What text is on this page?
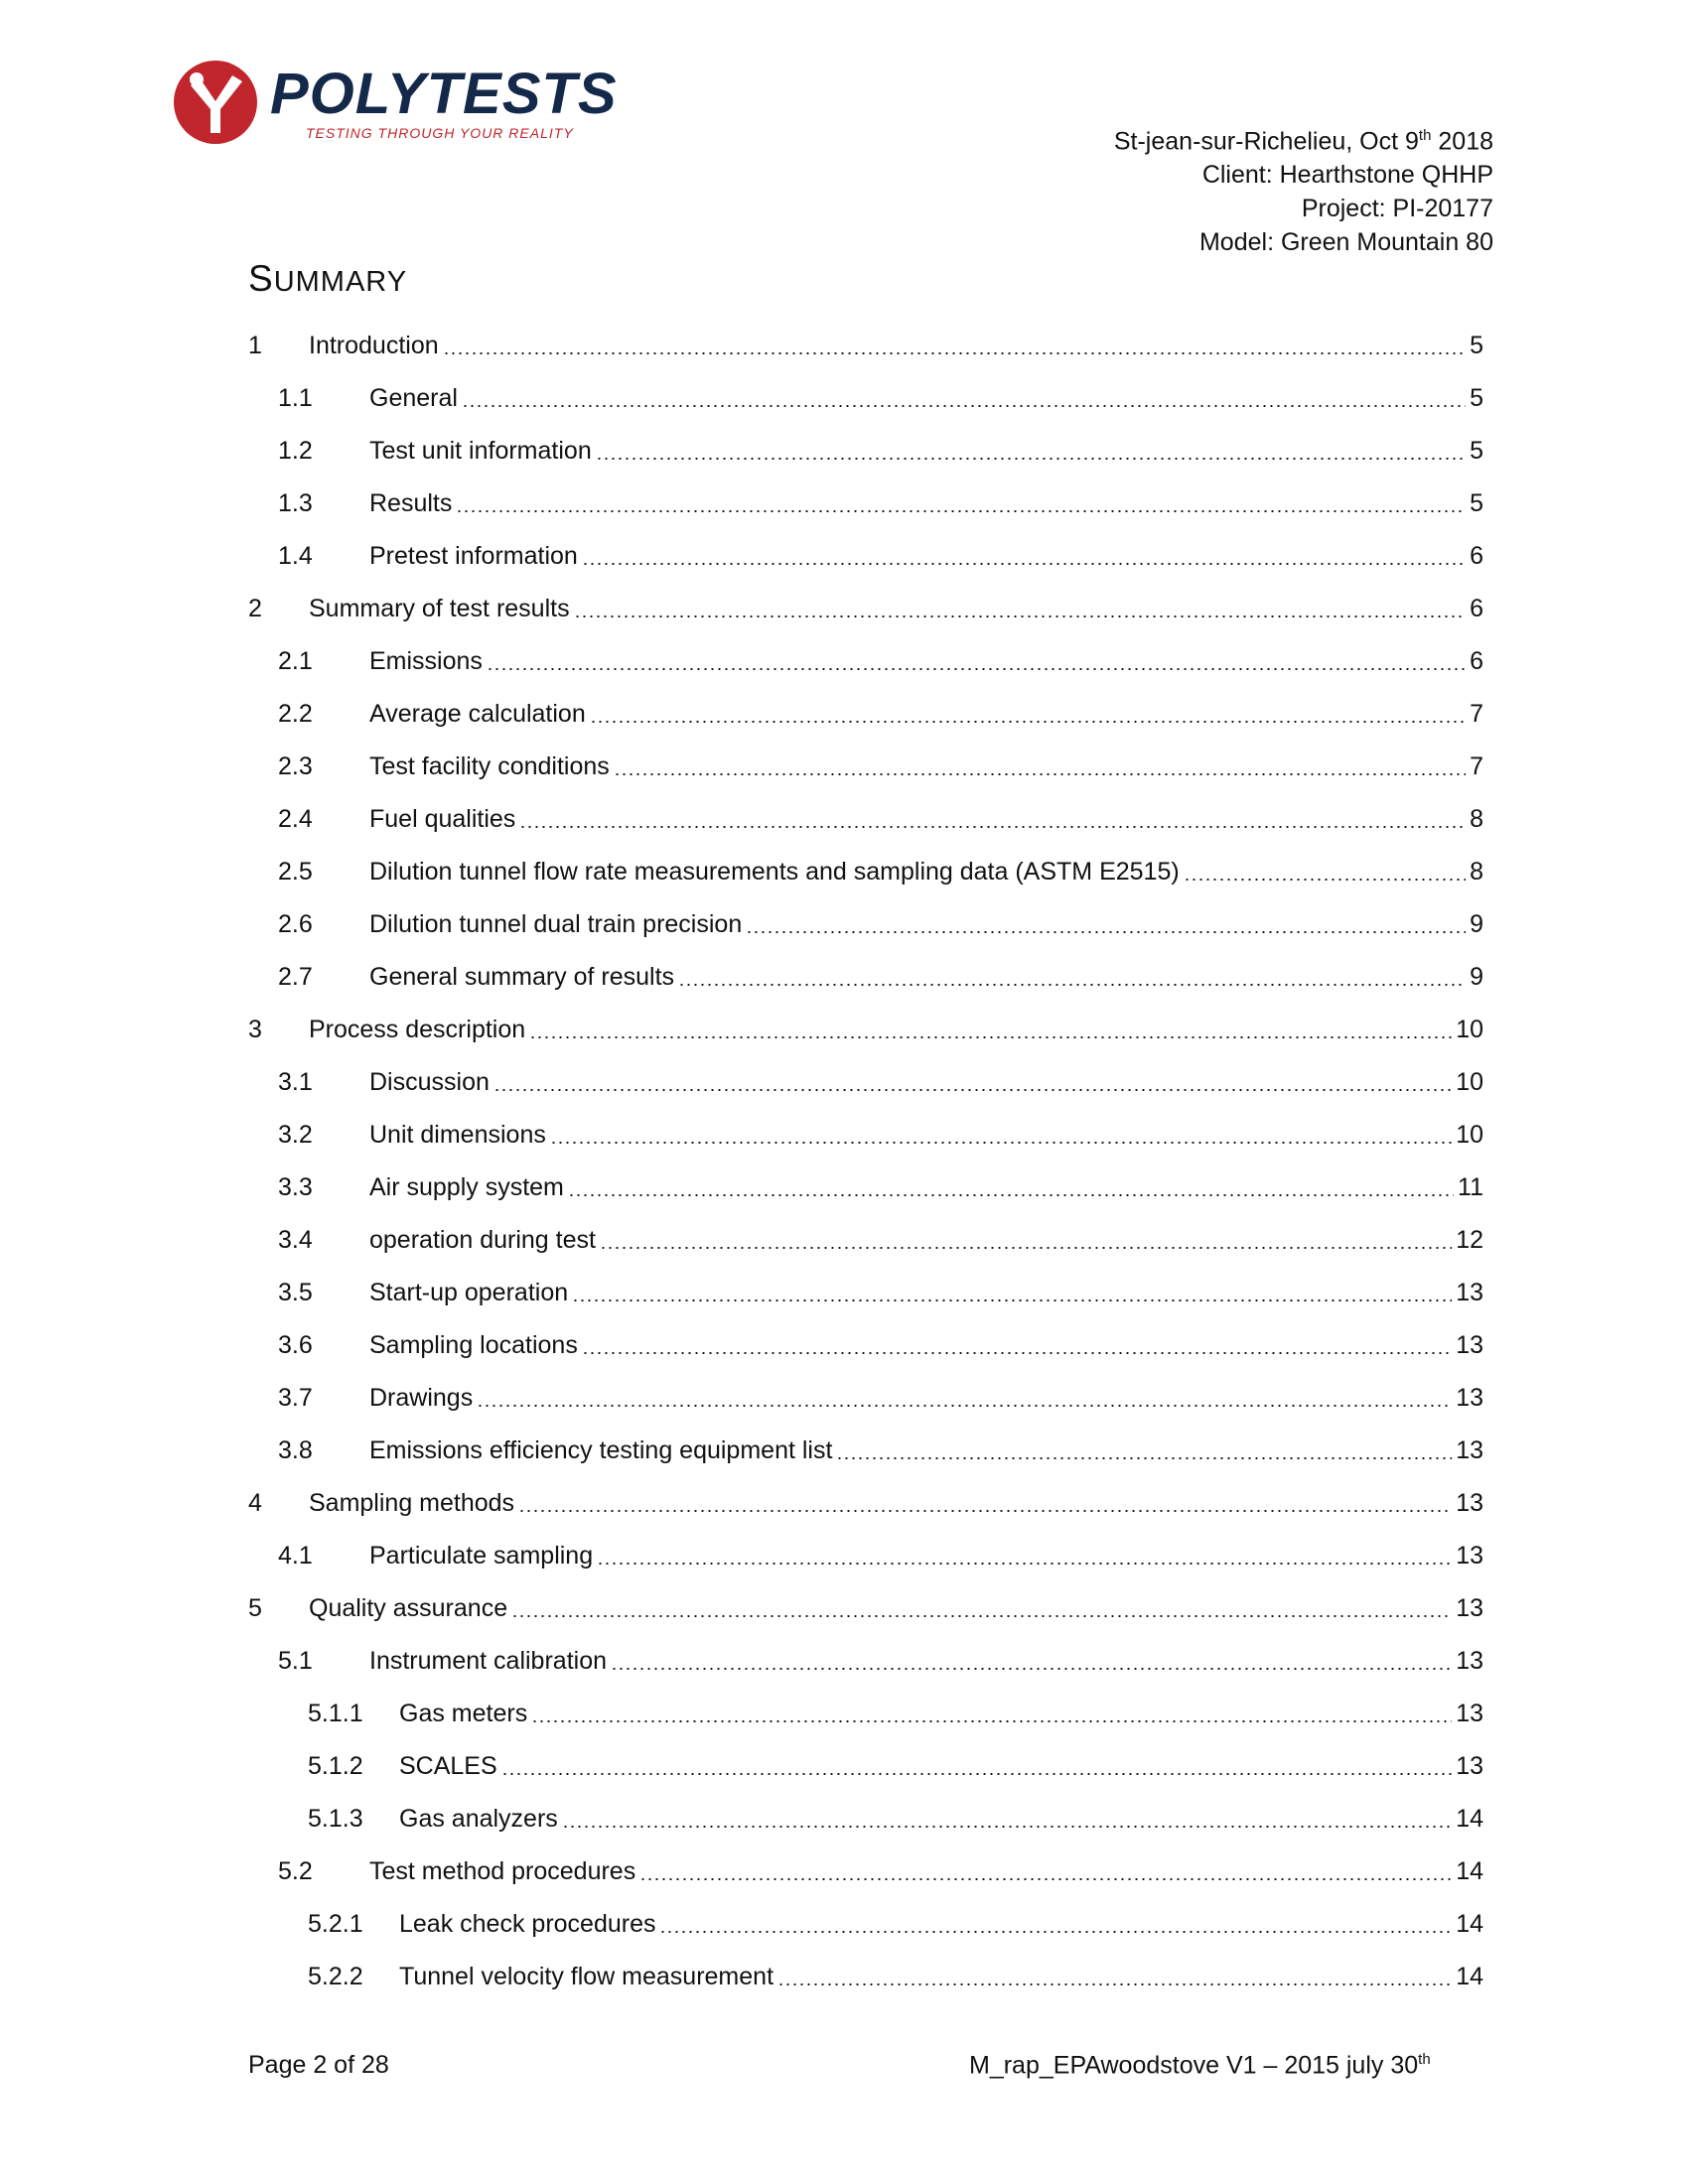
POLYTESTS
TESTING THROUGH YOUR REALITY	St-jean-sur-Richelieu, Oct 9th 2018
Client: Hearthstone QHHP
Project: PI-20177
Model: Green Mountain 80
SUMMARY
1	Introduction	5
1.1	General	5
1.2	Test unit information	5
1.3	Results	5
1.4	Pretest information	6
2	Summary of test results	6
2.1	Emissions	6
2.2	Average calculation	7
2.3	Test facility conditions	7
2.4	Fuel qualities	8
2.5	Dilution tunnel flow rate measurements and sampling data (ASTM E2515)	8
2.6	Dilution tunnel dual train precision	9
2.7	General summary of results	9
3	Process description	10
3.1	Discussion	10
3.2	Unit dimensions	10
3.3	Air supply system	11
3.4	operation during test	12
3.5	Start-up operation	13
3.6	Sampling locations	13
3.7	Drawings	13
3.8	Emissions efficiency testing equipment list	13
4	Sampling methods	13
4.1	Particulate sampling	13
5	Quality assurance	13
5.1	Instrument calibration	13
5.1.1	Gas meters	13
5.1.2	SCALES	13
5.1.3	Gas analyzers	14
5.2	Test method procedures	14
5.2.1	Leak check procedures	14
5.2.2	Tunnel velocity flow measurement	14
Page 2 of 28	M_rap_EPAwoodstove V1 – 2015 july 30th
